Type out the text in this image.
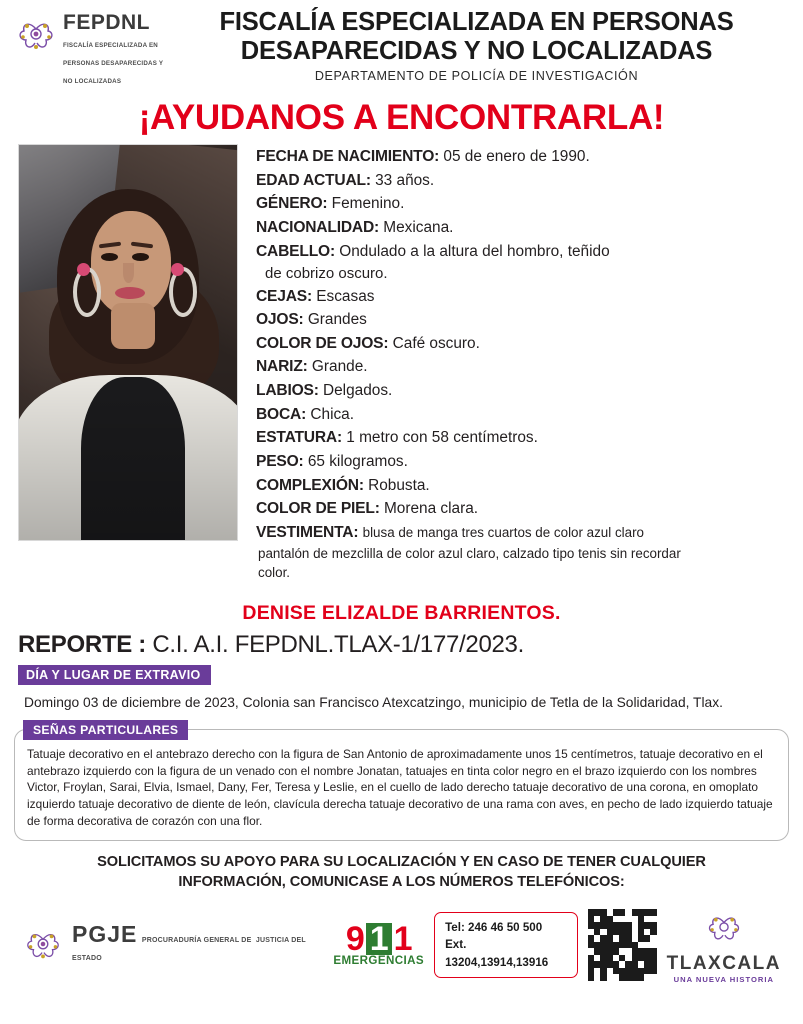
FEPDNL FISCALÍA ESPECIALIZADA EN PERSONAS DESAPARECIDAS Y NO LOCALIZADAS
FISCALÍA ESPECIALIZADA EN PERSONAS DESAPARECIDAS Y NO LOCALIZADAS
DEPARTAMENTO DE POLICÍA DE INVESTIGACIÓN
¡AYUDANOS A ENCONTRARLA!
FECHA DE NACIMIENTO: 05 de enero de 1990.
EDAD ACTUAL: 33 años.
GÉNERO: Femenino.
NACIONALIDAD: Mexicana.
CABELLO: Ondulado a la altura del hombro, teñido
de cobrizo oscuro.
CEJAS: Escasas
OJOS: Grandes
COLOR DE OJOS: Café oscuro.
NARIZ: Grande.
LABIOS: Delgados.
BOCA: Chica.
ESTATURA: 1 metro con 58 centímetros.
PESO: 65 kilogramos.
COMPLEXIÓN: Robusta.
COLOR DE PIEL: Morena clara.
VESTIMENTA: blusa de manga tres cuartos de color azul claro
pantalón de mezclilla de color azul claro, calzado tipo tenis sin recordar
color.
DENISE ELIZALDE BARRIENTOS.
REPORTE : C.I. A.I. FEPDNL.TLAX-1/177/2023.
DÍA Y LUGAR DE EXTRAVIO
Domingo 03 de diciembre de 2023, Colonia san Francisco Atexcatzingo, municipio de Tetla de la Solidaridad, Tlax.
SEÑAS PARTICULARES
Tatuaje decorativo en el antebrazo derecho con la figura de San Antonio de aproximadamente unos 15 centímetros, tatuaje decorativo en el antebrazo izquierdo con la figura de un venado con el nombre Jonatan, tatuajes en tinta color negro en el brazo izquierdo con los nombres Victor, Froylan, Sarai, Elvia, Ismael, Dany, Fer, Teresa y Leslie, en el cuello de lado derecho tatuaje decorativo de una corona, en omoplato izquierdo tatuaje decorativo de diente de león, clavícula derecha tatuaje decorativo de una rama con aves, en pecho de lado izquierdo tatuaje de forma decorativa de corazón con una flor.
SOLICITAMOS SU APOYO PARA SU LOCALIZACIÓN Y EN CASO DE TENER CUALQUIER
INFORMACIÓN, COMUNICASE A LOS NÚMEROS TELEFÓNICOS:
PGJE PROCURADURÍA GENERAL DE JUSTICIA DEL ESTADO
9 1 1
EMERGENCIAS
Tel: 246 46 50 500
Ext. 13204,13914,13916	TLAXCALA
UNA NUEVA HISTORIA
